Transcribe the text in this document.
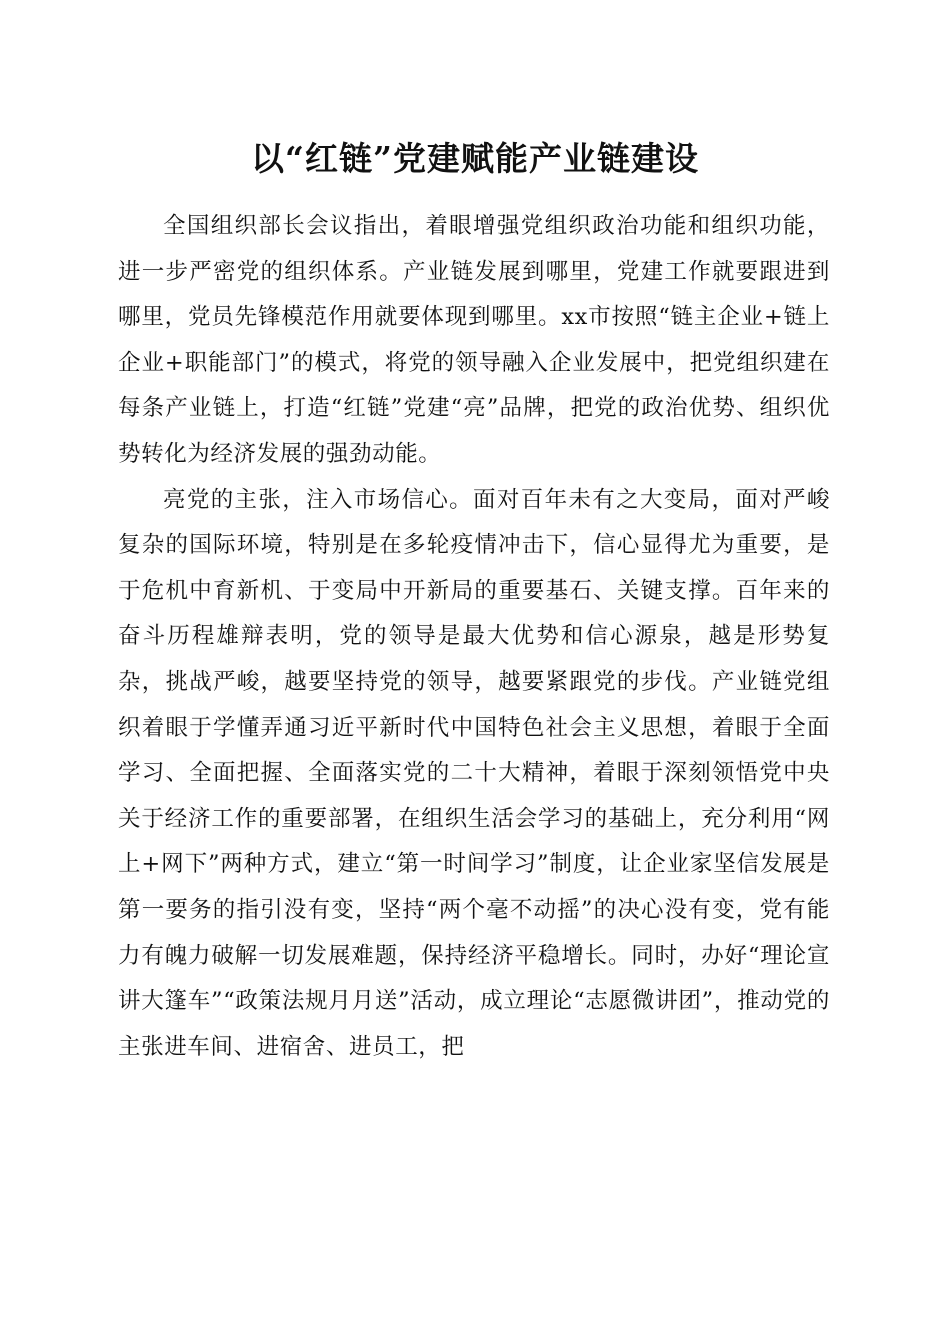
以“红链”党建赋能产业链建设

全国组织部长会议指出，着眼增强党组织政治功能和组织功能，进一步严密党的组织体系。产业链发展到哪里，党建工作就要跟进到哪里，党员先锋模范作用就要体现到哪里。xx市按照“链主企业+链上企业+职能部门”的模式，将党的领导融入企业发展中，把党组织建在每条产业链上，打造“红链”党建“亮”品牌，把党的政治优势、组织优势转化为经济发展的强劲动能。

亮党的主张，注入市场信心。面对百年未有之大变局，面对严峻复杂的国际环境，特别是在多轮疫情冲击下，信心显得尤为重要，是于危机中育新机、于变局中开新局的重要基石、关键支撑。百年来的奋斗历程雄辩表明，党的领导是最大优势和信心源泉，越是形势复杂，挑战严峻，越要坚持党的领导，越要紧跟党的步伐。产业链党组织着眼于学懂弄通习近平新时代中国特色社会主义思想，着眼于全面学习、全面把握、全面落实党的二十大精神，着眼于深刻领悟党中央关于经济工作的重要部署，在组织生活会学习的基础上，充分利用“网上+网下”两种方式，建立“第一时间学习”制度，让企业家坚信发展是第一要务的指引没有变，坚持“两个毫不动摇”的决心没有变，党有能力有魄力破解一切发展难题，保持经济平稳增长。同时，办好“理论宣讲大篷车”“政策法规月月送”活动，成立理论“志愿微讲团”，推动党的主张进车间、进宿舍、进员工，把
